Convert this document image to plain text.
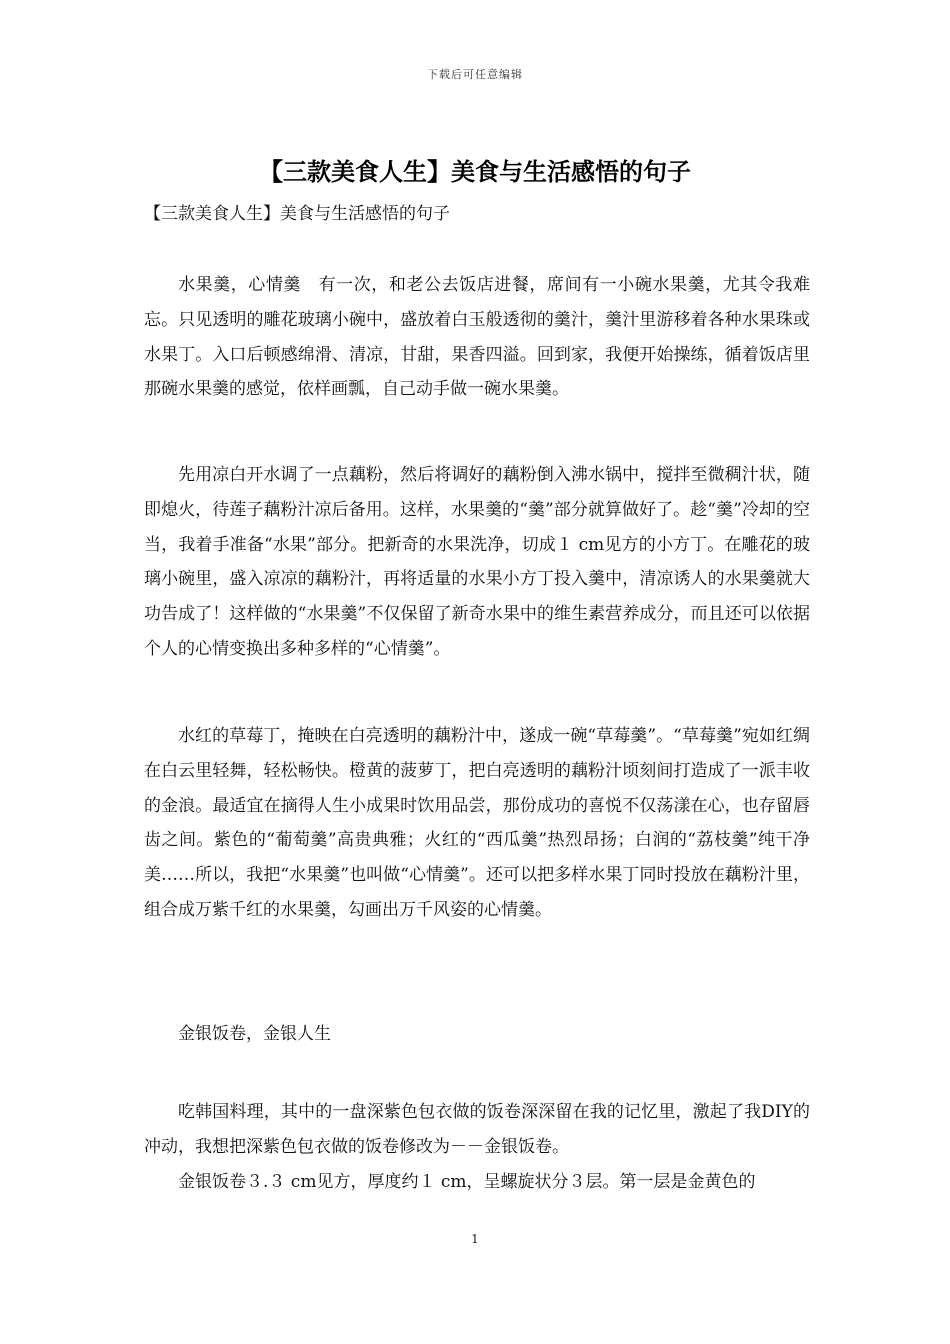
下载后可任意编辑
【三款美食人生】美食与生活感悟的句子

【三款美食人生】美食与生活感悟的句子

水果羹，心情羹　有一次，和老公去饭店进餐，席间有一小碗水果羹，尤其令我难忘。只见透明的雕花玻璃小碗中，盛放着白玉般透彻的羹汁，羹汁里游移着各种水果珠或水果丁。入口后顿感绵滑、清凉，甘甜，果香四溢。回到家，我便开始操练，循着饭店里那碗水果羹的感觉，依样画瓢，自己动手做一碗水果羹。

先用凉白开水调了一点藕粉，然后将调好的藕粉倒入沸水锅中，搅拌至微稠汁状，随即熄火，待莲子藕粉汁凉后备用。这样，水果羹的“羹”部分就算做好了。趁“羹”冷却的空当，我着手准备“水果”部分。把新奇的水果洗净，切成１ cm见方的小方丁。在雕花的玻璃小碗里，盛入凉凉的藕粉汁，再将适量的水果小方丁投入羹中，清凉诱人的水果羹就大功告成了！这样做的“水果羹”不仅保留了新奇水果中的维生素营养成分，而且还可以依据个人的心情变换出多种多样的“心情羹”。

水红的草莓丁，掩映在白亮透明的藕粉汁中，遂成一碗“草莓羹”。“草莓羹”宛如红绸在白云里轻舞，轻松畅快。橙黄的菠萝丁，把白亮透明的藕粉汁顷刻间打造成了一派丰收的金浪。最适宜在摘得人生小成果时饮用品尝，那份成功的喜悦不仅荡漾在心，也存留唇齿之间。紫色的“葡萄羹”高贵典雅；火红的“西瓜羹”热烈昂扬；白润的“荔枝羹”纯干净美……所以，我把“水果羹”也叫做“心情羹”。还可以把多样水果丁同时投放在藕粉汁里，组合成万紫千红的水果羹，勾画出万千风姿的心情羹。

金银饭卷，金银人生

吃韩国料理，其中的一盘深紫色包衣做的饭卷深深留在我的记忆里，激起了我DIY的冲动，我想把深紫色包衣做的饭卷修改为－－金银饭卷。

金银饭卷３.３ cm见方，厚度约１ cm，呈螺旋状分３层。第一层是金黄色的

1
